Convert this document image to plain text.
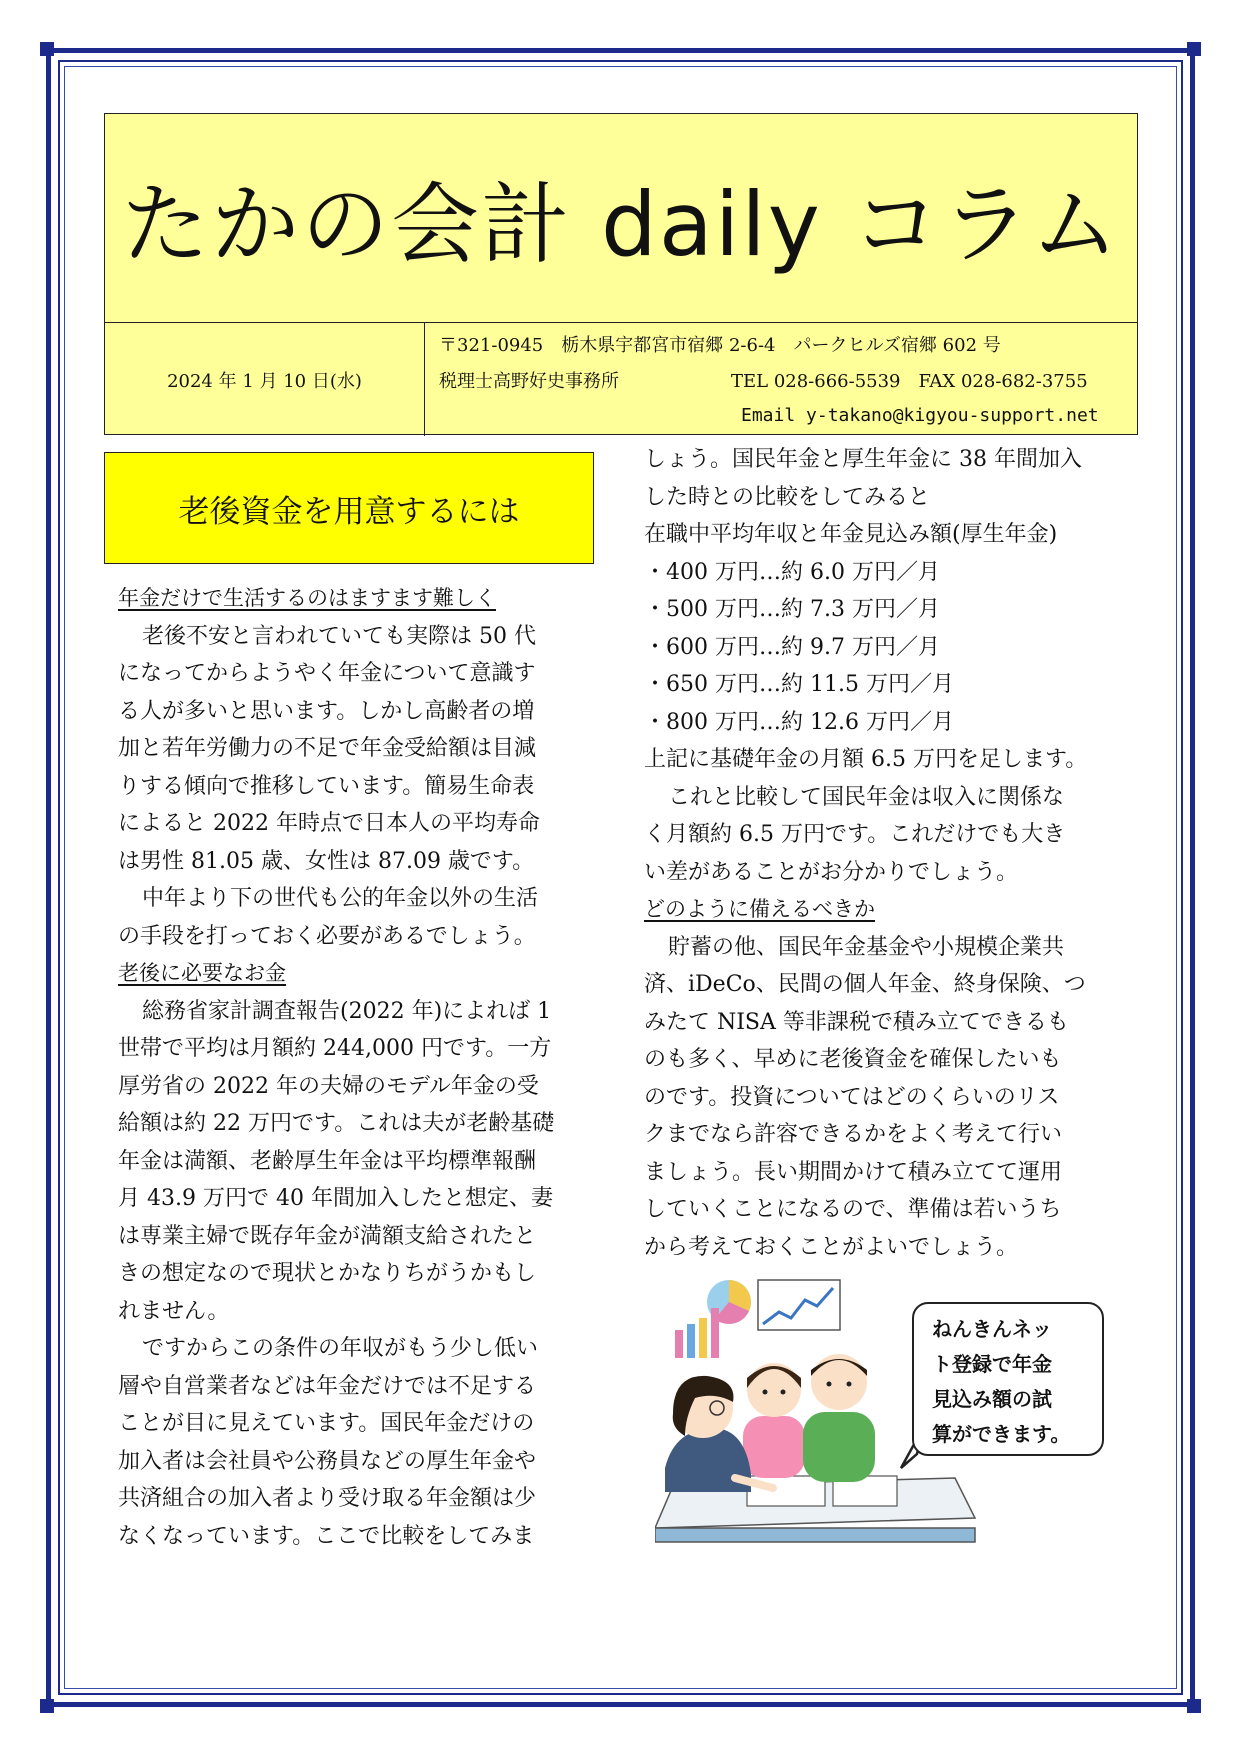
たかの会計 daily コラム
2024 年 1 月 10 日(水)
〒321-0945　栃木県宇都宮市宿郷 2-6-4　パークヒルズ宿郷 602 号
税理士高野好史事務所	TEL 028-666-5539　FAX 028-682-3755
Email y-takano@kigyou-support.net
老後資金を用意するには

年金だけで生活するのはますます難しく

老後不安と言われていても実際は 50 代

になってからようやく年金について意識す

る人が多いと思います。しかし高齢者の増

加と若年労働力の不足で年金受給額は目減

りする傾向で推移しています。簡易生命表

によると 2022 年時点で日本人の平均寿命

は男性 81.05 歳、女性は 87.09 歳です。

中年より下の世代も公的年金以外の生活

の手段を打っておく必要があるでしょう。

老後に必要なお金

総務省家計調査報告(2022 年)によれば 1

世帯で平均は月額約 244,000 円です。一方

厚労省の 2022 年の夫婦のモデル年金の受

給額は約 22 万円です。これは夫が老齢基礎

年金は満額、老齢厚生年金は平均標準報酬

月 43.9 万円で 40 年間加入したと想定、妻

は専業主婦で既存年金が満額支給されたと

きの想定なので現状とかなりちがうかもし

れません。

ですからこの条件の年収がもう少し低い

層や自営業者などは年金だけでは不足する

ことが目に見えています。国民年金だけの

加入者は会社員や公務員などの厚生年金や

共済組合の加入者より受け取る年金額は少

なくなっています。ここで比較をしてみま

しょう。国民年金と厚生年金に 38 年間加入

した時との比較をしてみると

在職中平均年収と年金見込み額(厚生年金)

・400 万円…約 6.0 万円／月

・500 万円…約 7.3 万円／月

・600 万円…約 9.7 万円／月

・650 万円…約 11.5 万円／月

・800 万円…約 12.6 万円／月

上記に基礎年金の月額 6.5 万円を足します。

これと比較して国民年金は収入に関係な

く月額約 6.5 万円です。これだけでも大き

い差があることがお分かりでしょう。

どのように備えるべきか

貯蓄の他、国民年金基金や小規模企業共

済、iDeCo、民間の個人年金、終身保険、つ

みたて NISA 等非課税で積み立てできるも

のも多く、早めに老後資金を確保したいも

のです。投資についてはどのくらいのリス

クまでなら許容できるかをよく考えて行い

ましょう。長い期間かけて積み立てて運用

していくことになるので、準備は若いうち

から考えておくことがよいでしょう。

ねんきんネッ
ト登録で年金
見込み額の試
算ができます。
